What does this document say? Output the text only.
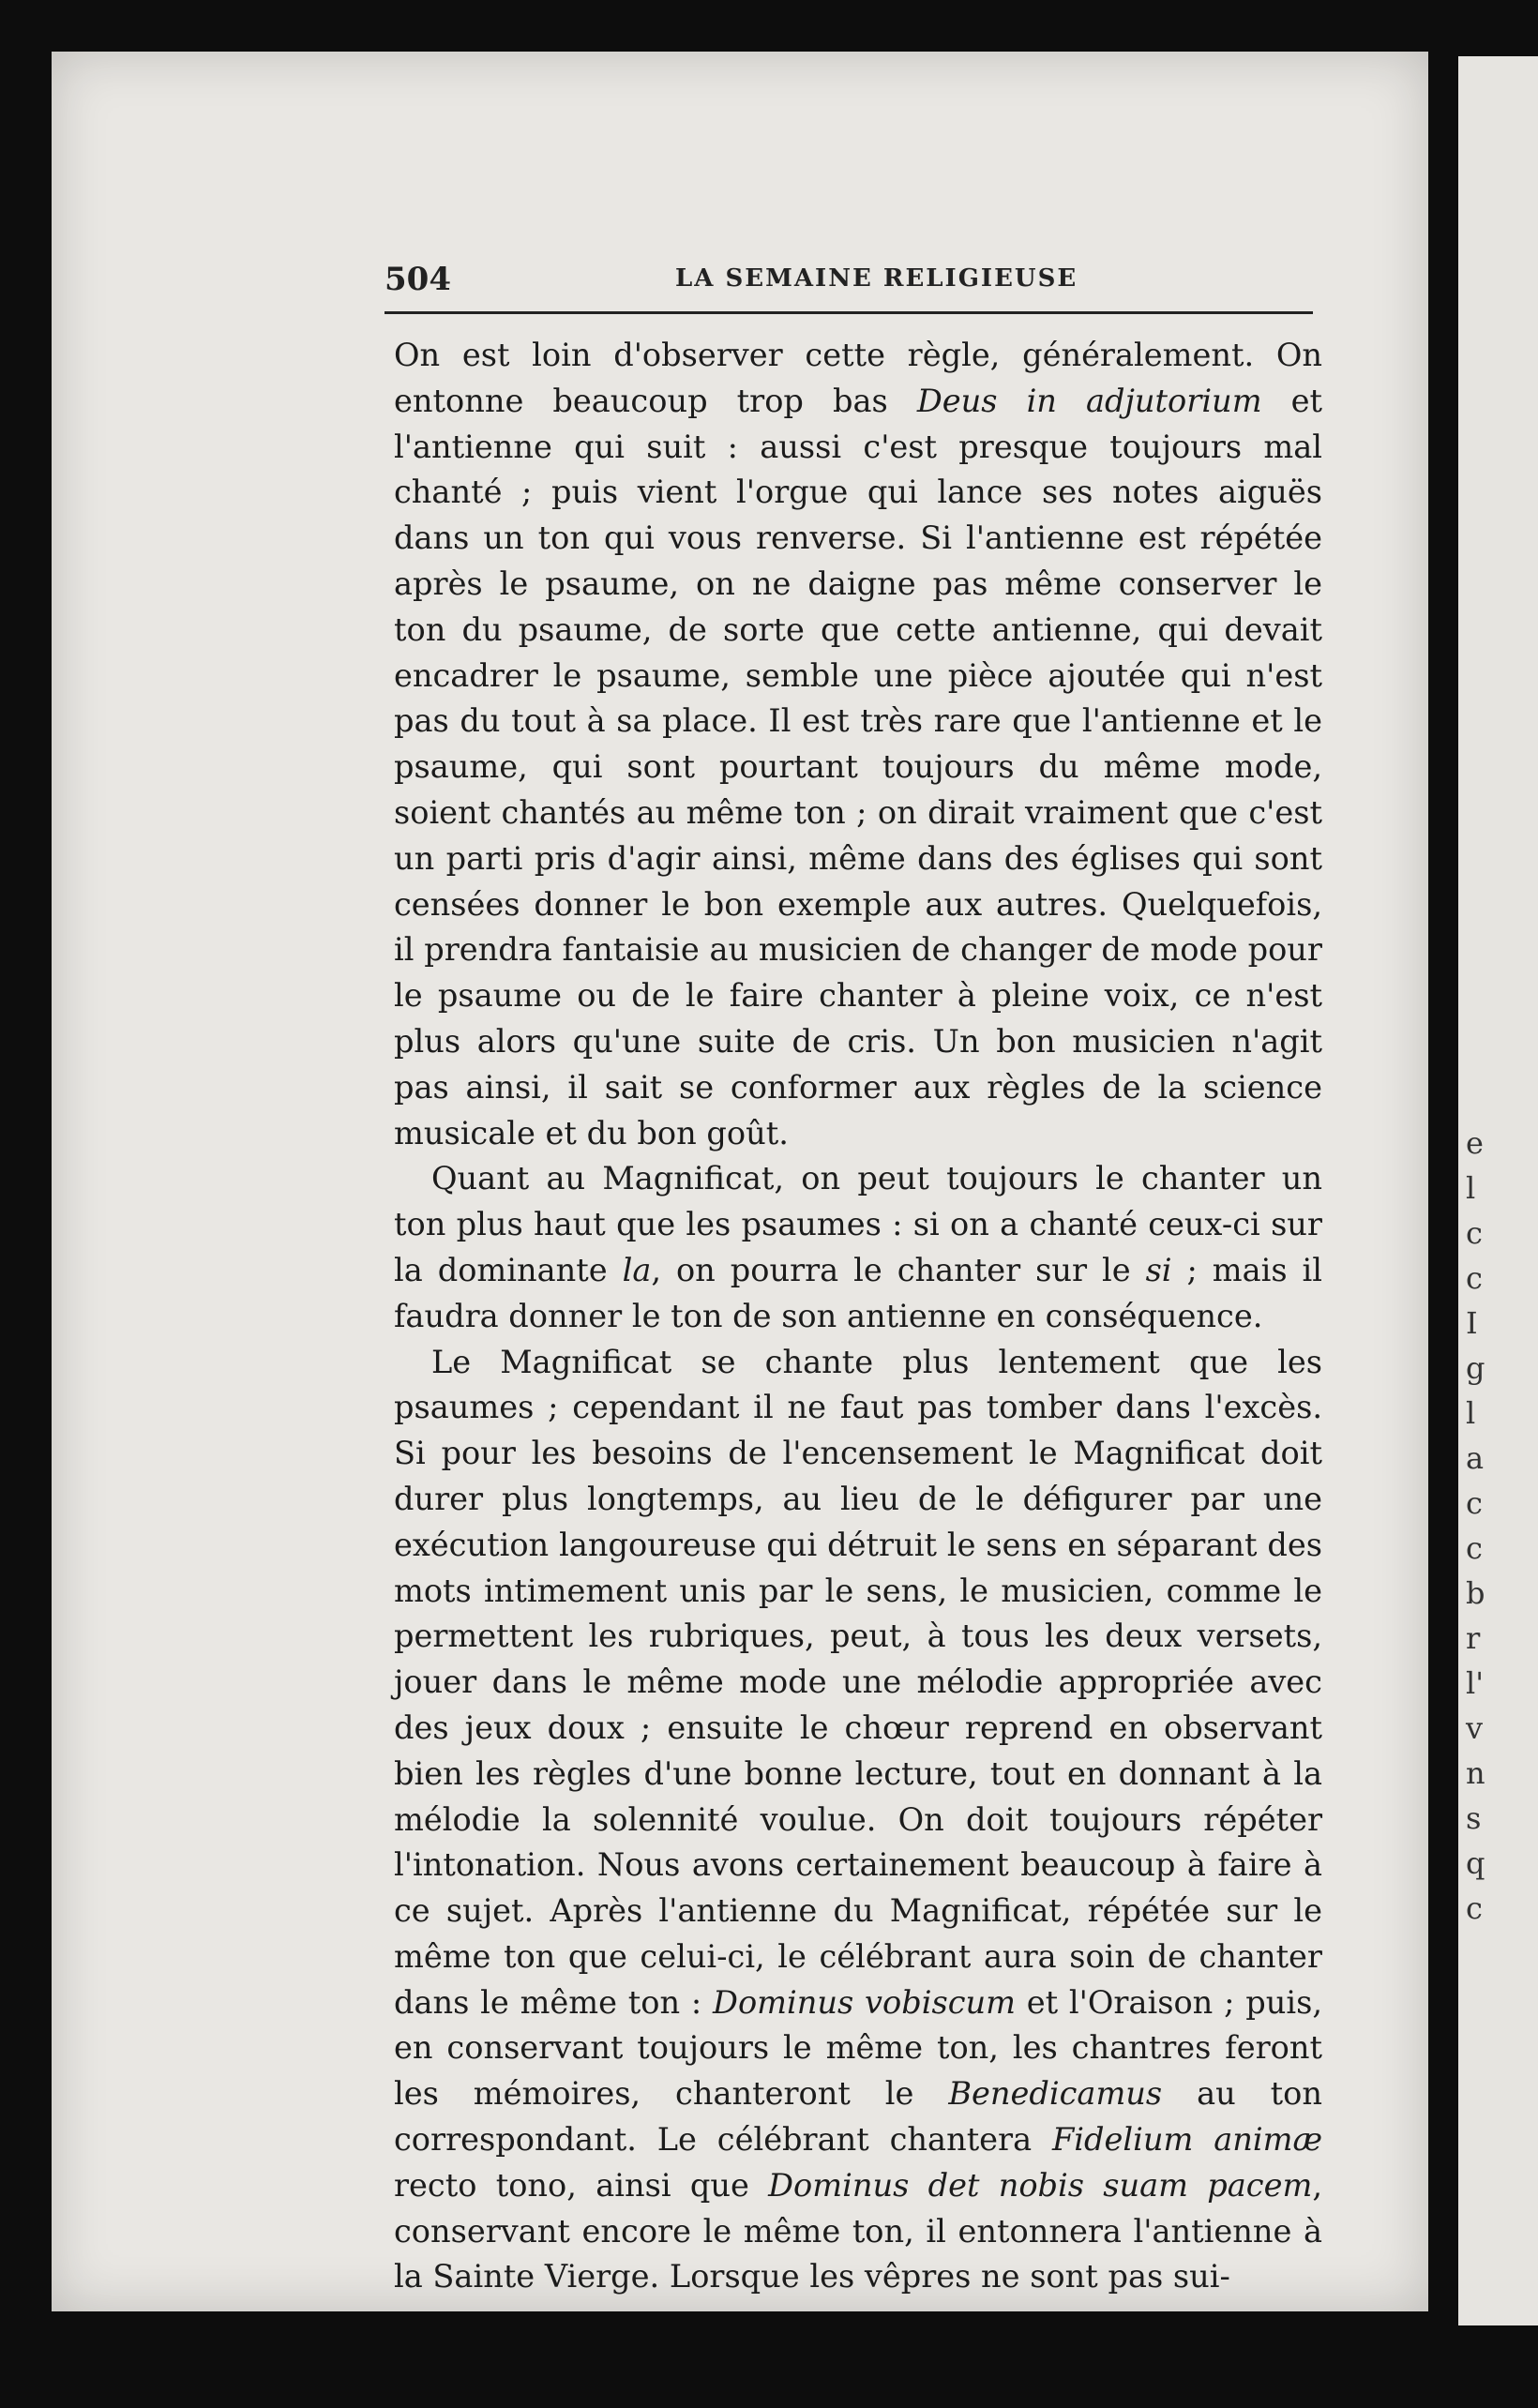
e
l
c
c
I
g
l
a
c
c
b
r
l'
v
n
s
q
c
504	LA SEMAINE RELIGIEUSE

On est loin d'observer cette règle, généralement. On entonne beaucoup trop bas Deus in adjutorium et l'antienne qui suit : aussi c'est presque toujours mal chanté ; puis vient l'orgue qui lance ses notes aiguës dans un ton qui vous renverse. Si l'antienne est répétée après le psaume, on ne daigne pas même conserver le ton du psaume, de sorte que cette antienne, qui devait encadrer le psaume, semble une pièce ajoutée qui n'est pas du tout à sa place. Il est très rare que l'antienne et le psaume, qui sont pourtant toujours du même mode, soient chantés au même ton ; on dirait vraiment que c'est un parti pris d'agir ainsi, même dans des églises qui sont censées donner le bon exemple aux autres. Quelquefois, il prendra fantaisie au musicien de changer de mode pour le psaume ou de le faire chanter à pleine voix, ce n'est plus alors qu'une suite de cris. Un bon musicien n'agit pas ainsi, il sait se conformer aux règles de la science musicale et du bon goût.

Quant au Magnificat, on peut toujours le chanter un ton plus haut que les psaumes : si on a chanté ceux-ci sur la dominante la, on pourra le chanter sur le si ; mais il faudra donner le ton de son antienne en conséquence.

Le Magnificat se chante plus lentement que les psaumes ; cependant il ne faut pas tomber dans l'excès. Si pour les besoins de l'encensement le Magnificat doit durer plus longtemps, au lieu de le défigurer par une exécution langoureuse qui détruit le sens en séparant des mots intimement unis par le sens, le musicien, comme le permettent les rubriques, peut, à tous les deux versets, jouer dans le même mode une mélodie appropriée avec des jeux doux ; ensuite le chœur reprend en observant bien les règles d'une bonne lecture, tout en donnant à la mélodie la solennité voulue. On doit toujours répéter l'intonation. Nous avons certainement beaucoup à faire à ce sujet. Après l'antienne du Magnificat, répétée sur le même ton que celui-ci, le célébrant aura soin de chanter dans le même ton : Dominus vobiscum et l'Oraison ; puis, en conservant toujours le même ton, les chantres feront les mémoires, chanteront le Benedicamus au ton correspondant. Le célébrant chantera Fidelium animæ recto tono, ainsi que Dominus det nobis suam pacem, conservant encore le même ton, il entonnera l'antienne à la Sainte Vierge. Lorsque les vêpres ne sont pas sui-
